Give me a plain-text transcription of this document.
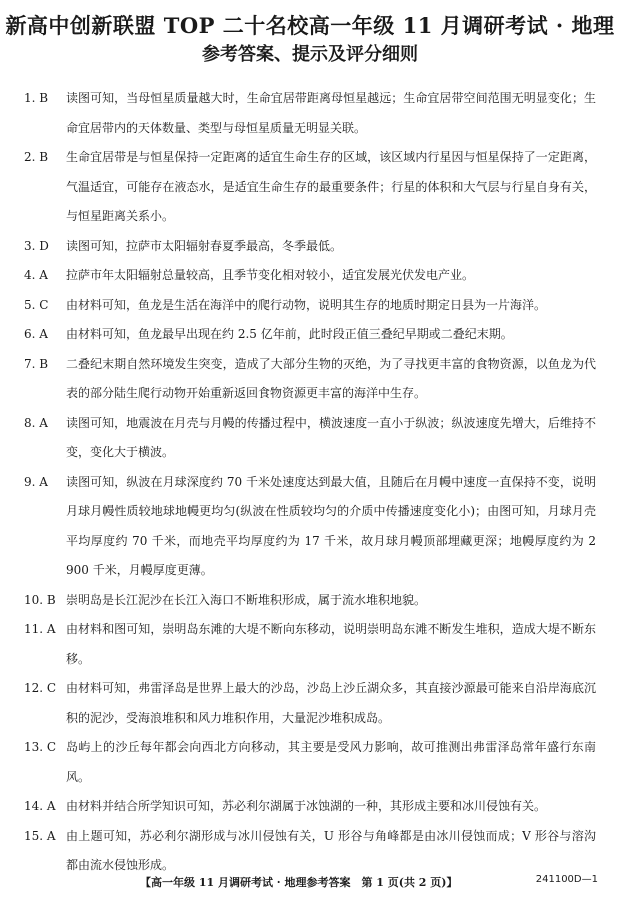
新高中创新联盟 TOP 二十名校高一年级 11 月调研考试 · 地理
参考答案、提示及评分细则
1. B	读图可知，当母恒星质量越大时，生命宜居带距离母恒星越远；生命宜居带空间范围无明显变化；生命宜居带内的天体数量、类型与母恒星质量无明显关联。
2. B	生命宜居带是与恒星保持一定距离的适宜生命生存的区域，该区域内行星因与恒星保持了一定距离，气温适宜，可能存在液态水，是适宜生命生存的最重要条件；行星的体积和大气层与行星自身有关，与恒星距离关系小。
3. D	读图可知，拉萨市太阳辐射春夏季最高，冬季最低。
4. A	拉萨市年太阳辐射总量较高，且季节变化相对较小，适宜发展光伏发电产业。
5. C	由材料可知，鱼龙是生活在海洋中的爬行动物，说明其生存的地质时期定日县为一片海洋。
6. A	由材料可知，鱼龙最早出现在约 2.5 亿年前，此时段正值三叠纪早期或二叠纪末期。
7. B	二叠纪末期自然环境发生突变，造成了大部分生物的灭绝，为了寻找更丰富的食物资源，以鱼龙为代表的部分陆生爬行动物开始重新返回食物资源更丰富的海洋中生存。
8. A	读图可知，地震波在月壳与月幔的传播过程中，横波速度一直小于纵波；纵波速度先增大，后维持不变，变化大于横波。
9. A	读图可知，纵波在月球深度约 70 千米处速度达到最大值，且随后在月幔中速度一直保持不变，说明月球月幔性质较地球地幔更均匀(纵波在性质较均匀的介质中传播速度变化小)；由图可知，月球月壳平均厚度约 70 千米，而地壳平均厚度约为 17 千米，故月球月幔顶部埋藏更深；地幔厚度约为 2 900 千米，月幔厚度更薄。
10. B 崇明岛是长江泥沙在长江入海口不断堆积形成，属于流水堆积地貌。
11. A 由材料和图可知，崇明岛东滩的大堤不断向东移动，说明崇明岛东滩不断发生堆积，造成大堤不断东移。
12. C 由材料可知，弗雷泽岛是世界上最大的沙岛，沙岛上沙丘湖众多，其直接沙源最可能来自沿岸海底沉积的泥沙，受海浪堆积和风力堆积作用，大量泥沙堆积成岛。
13. C 岛屿上的沙丘每年都会向西北方向移动，其主要是受风力影响，故可推测出弗雷泽岛常年盛行东南风。
14. A 由材料并结合所学知识可知，苏必利尔湖属于冰蚀湖的一种，其形成主要和冰川侵蚀有关。
15. A 由上题可知，苏必利尔湖形成与冰川侵蚀有关，U 形谷与角峰都是由冰川侵蚀而成；V 形谷与溶沟都由流水侵蚀形成。
【高一年级 11 月调研考试 · 地理参考答案　第 1 页(共 2 页)】	241100D—1
